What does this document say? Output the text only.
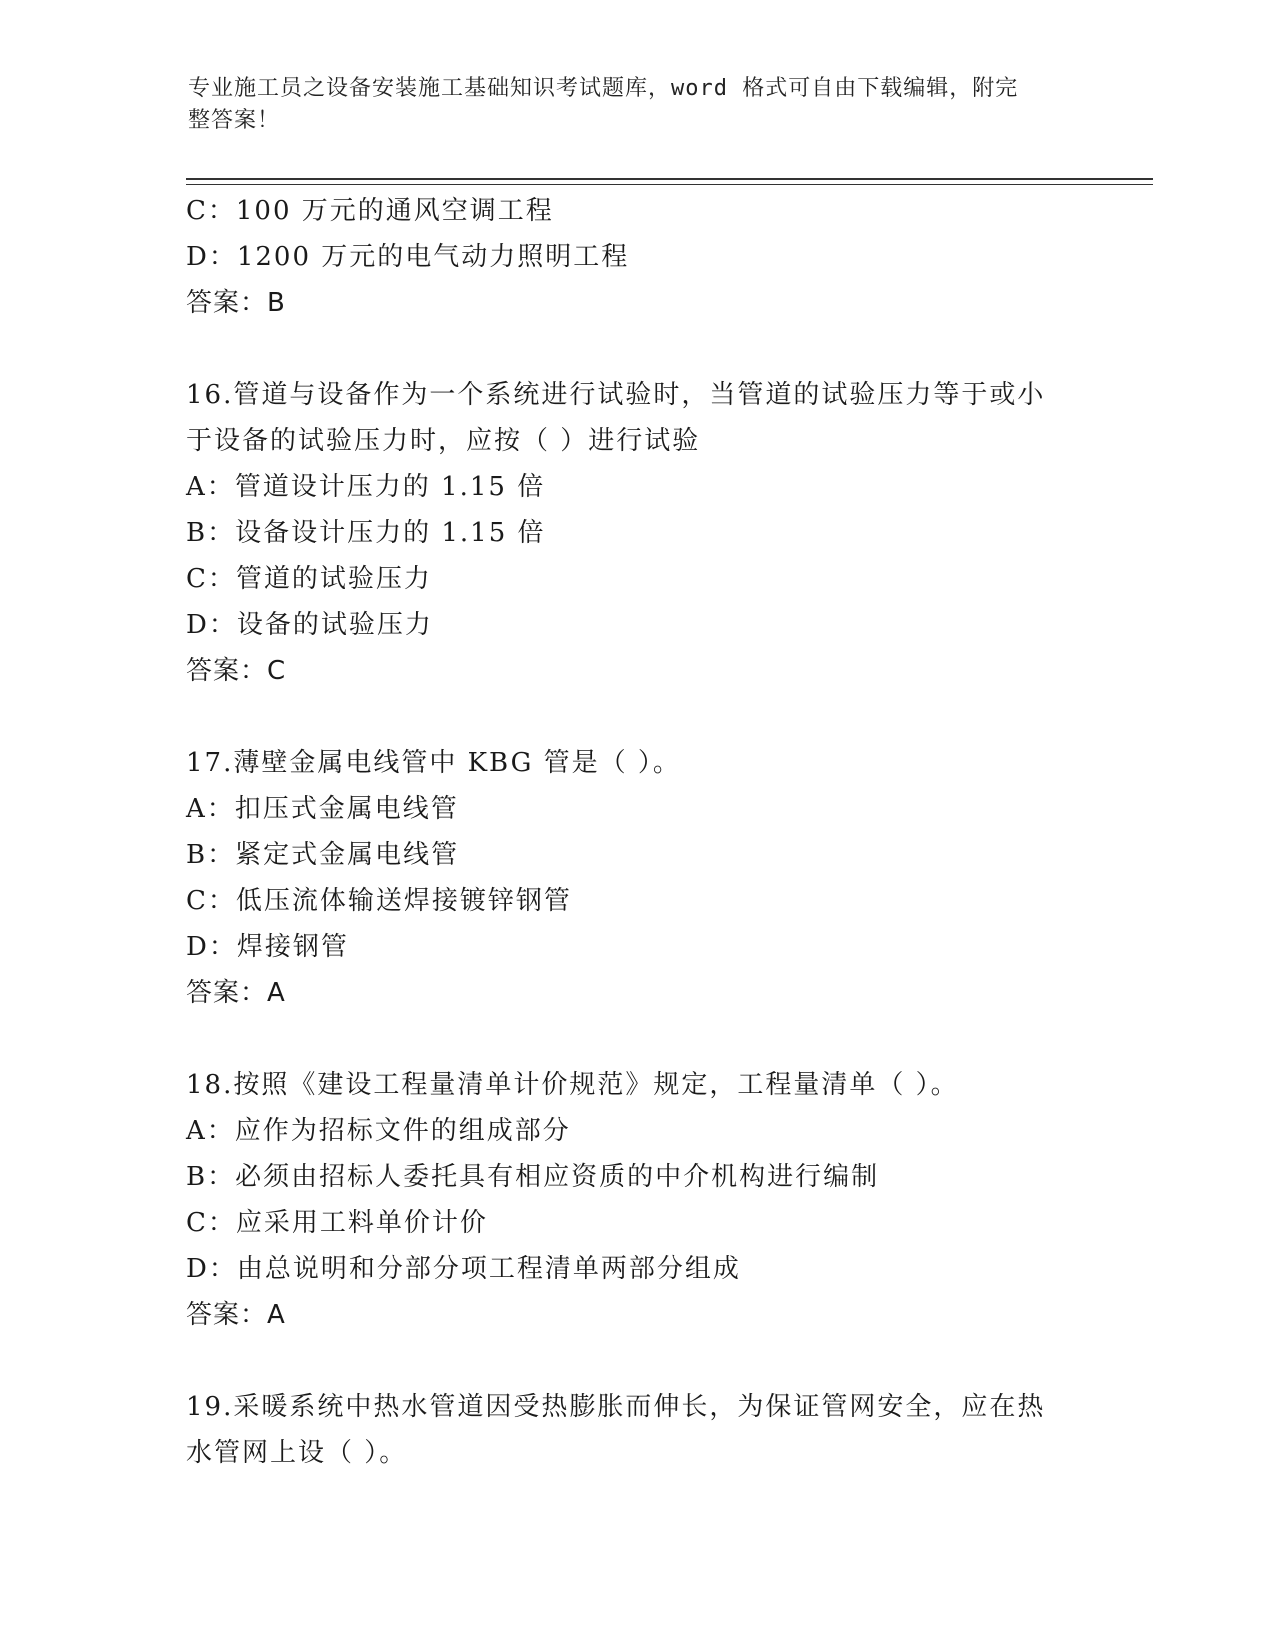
专业施工员之设备安装施工基础知识考试题库，word 格式可自由下载编辑，附完
整答案！
C：100 万元的通风空调工程
D：1200 万元的电气动力照明工程
答案：B
16.管道与设备作为一个系统进行试验时，当管道的试验压力等于或小
于设备的试验压力时，应按（ ）进行试验
A：管道设计压力的 1.15 倍
B：设备设计压力的 1.15 倍
C：管道的试验压力
D：设备的试验压力
答案：C
17.薄壁金属电线管中 KBG 管是（ ）。
A：扣压式金属电线管
B：紧定式金属电线管
C：低压流体输送焊接镀锌钢管
D：焊接钢管
答案：A
18.按照《建设工程量清单计价规范》规定，工程量清单（ ）。
A：应作为招标文件的组成部分
B：必须由招标人委托具有相应资质的中介机构进行编制
C：应采用工料单价计价
D：由总说明和分部分项工程清单两部分组成
答案：A
19.采暖系统中热水管道因受热膨胀而伸长，为保证管网安全，应在热
水管网上设（ ）。
